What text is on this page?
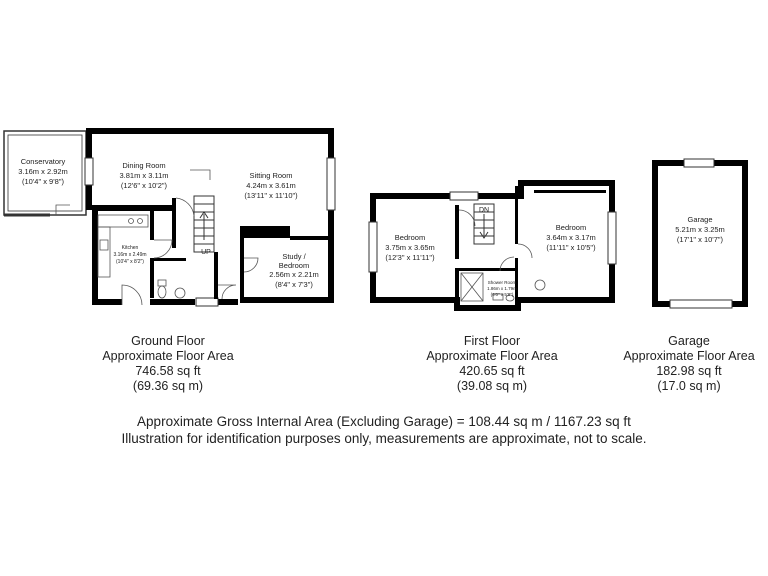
Conservatory
3.16m x 2.92m
(10'4" x 9'8")
Dining Room
3.81m x 3.11m
(12'6" x 10'2")
Sitting Room
4.24m x 3.61m
(13'11" x 11'10")
Kitchen
3.16m x 2.49m
(10'4" x 8'2")
Study /
Bedroom
2.56m x 2.21m
(8'4" x 7'3")
UP
Bedroom
3.75m x 3.65m
(12'3" x 11'11")
Bedroom
3.64m x 3.17m
(11'11" x 10'5")
Shower Room
1.86m x 1.79m
(6'0" x 5'8")
DN
Garage
5.21m x 3.25m
(17'1" x 10'7")
Ground Floor
Approximate Floor Area
746.58 sq ft
(69.36 sq m)
First Floor
Approximate Floor Area
420.65 sq ft
(39.08 sq m)
Garage
Approximate Floor Area
182.98 sq ft
(17.0 sq m)
Approximate Gross Internal Area (Excluding Garage) = 108.44 sq m / 1167.23 sq ft
Illustration for identification purposes only, measurements are approximate, not to scale.
